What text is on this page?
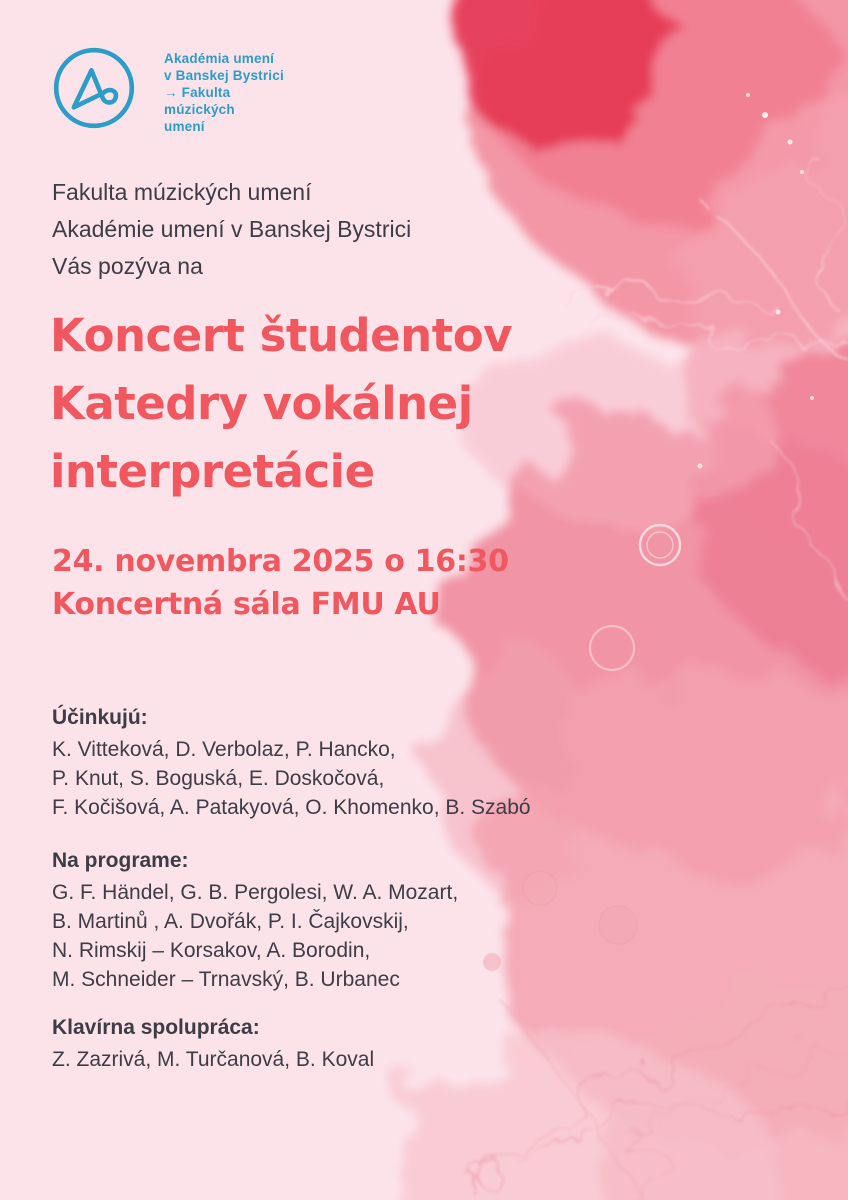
Akadémia umení
v Banskej Bystrici
→ Fakulta
múzických
umení
Fakulta múzických umení
Akadémie umení v Banskej Bystrici
Vás pozýva na
Koncert študentov
Katedry vokálnej
interpretácie
24. novembra 2025 o 16:30
Koncertná sála FMU AU
Účinkujú:
K. Vitteková, D. Verbolaz, P. Hancko,
P. Knut, S. Boguská, E. Doskočová,
F. Kočišová, A. Patakyová, O. Khomenko, B. Szabó
Na programe:
G. F. Händel, G. B. Pergolesi, W. A. Mozart,
B. Martinů , A. Dvořák, P. I. Čajkovskij,
N. Rimskij – Korsakov, A. Borodin,
M. Schneider – Trnavský, B. Urbanec
Klavírna spolupráca:
Z. Zazrivá, M. Turčanová, B. Koval
